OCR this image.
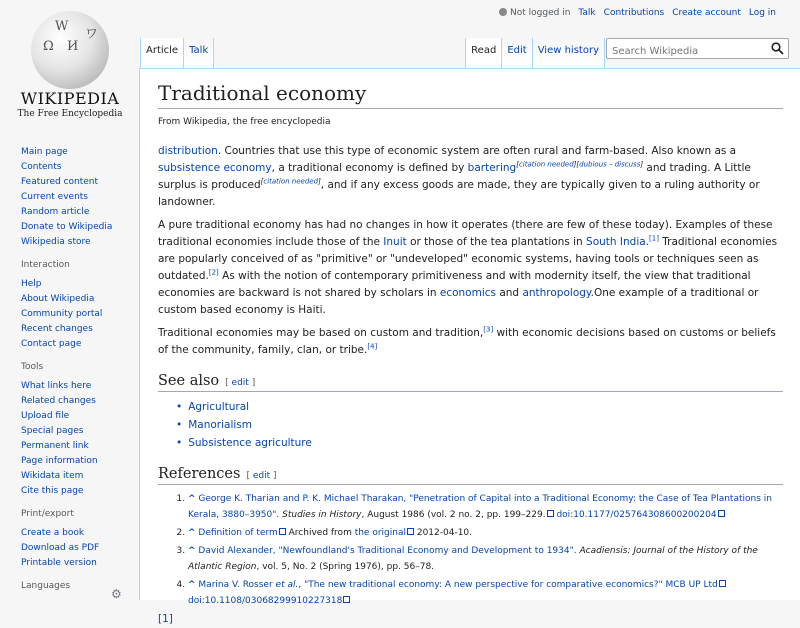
W
Ω И
ワ
WIKIPEDIA
The Free Encyclopedia
Not logged in Talk Contributions Create account Log in
Article	Talk	Read	Edit	View history
Search Wikipedia
Main page
Contents
Featured content
Current events
Random article
Donate to Wikipedia
Wikipedia store
Interaction
Help
About Wikipedia
Community portal
Recent changes
Contact page
Tools
What links here
Related changes
Upload file
Special pages
Permanent link
Page information
Wikidata item
Cite this page
Print/export
Create a book
Download as PDF
Printable version
Languages
⚙
Traditional economy
From Wikipedia, the free encyclopedia

distribution. Countries that use this type of economic system are often rural and farm-based. Also known as a subsistence economy, a traditional economy is defined by bartering[citation needed][dubious – discuss] and trading. A Little surplus is produced[citation needed], and if any excess goods are made, they are typically given to a ruling authority or landowner.

A pure traditional economy has had no changes in how it operates (there are few of these today). Examples of these traditional economies include those of the Inuit or those of the tea plantations in South India.[1] Traditional economies are popularly conceived of as "primitive" or "undeveloped" economic systems, having tools or techniques seen as outdated.[2] As with the notion of contemporary primitiveness and with modernity itself, the view that traditional economies are backward is not shared by scholars in economics and anthropology.One example of a traditional or custom based economy is Haiti.

Traditional economies may be based on custom and tradition,[3] with economic decisions based on customs or beliefs of the community, family, clan, or tribe.[4]

See also [ edit ]
• Agricultural
• Manorialism
• Subsistence agriculture
References [ edit ]
1. ^ George K. Tharian and P. K. Michael Tharakan, "Penetration of Capital into a Traditional Economy: the Case of Tea Plantations in Kerala, 3880–3950". Studies in History, August 1986 (vol. 2 no. 2, pp. 199–229. doi:10.1177/025764308600200204
2. ^ Definition of term Archived from the original 2012-04-10.
3. ^ David Alexander, "Newfoundland's Traditional Economy and Development to 1934". Acadiensis: Journal of the History of the Atlantic Region, vol. 5, No. 2 (Spring 1976), pp. 56–78.
4. ^ Marina V. Rosser et al., "The new traditional economy: A new perspective for comparative economics?" MCB UP Ltd doi:10.1108/03068299910227318

[1]
